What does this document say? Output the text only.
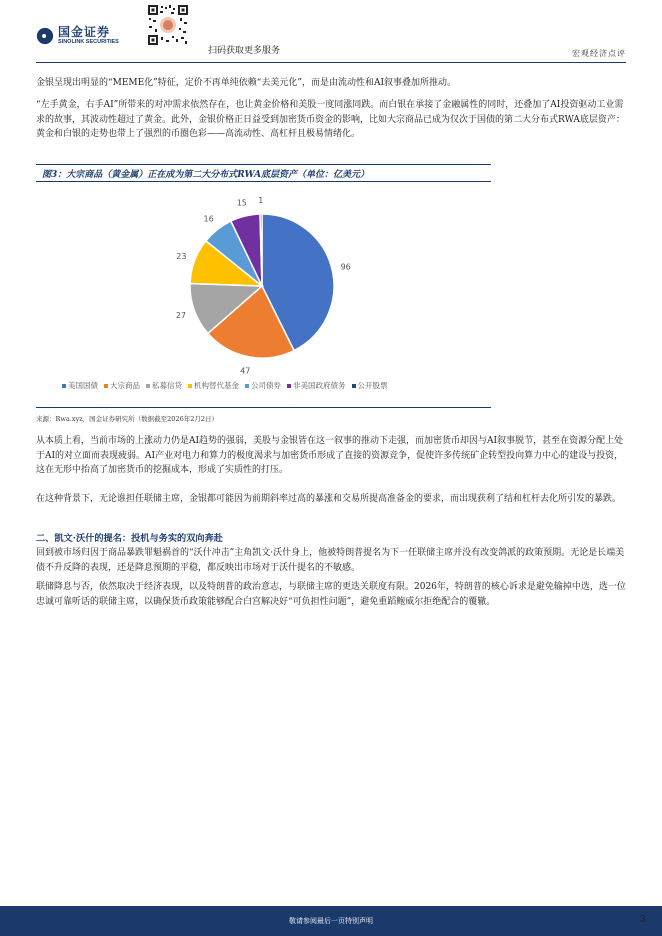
国金证券
SINOLINK SECURITIES
扫码获取更多服务	宏观经济点评

金银呈现出明显的“MEME化”特征，定价不再单纯依赖“去美元化”，而是由流动性和AI叙事叠加所推动。

“左手黄金，右手AI”所带来的对冲需求依然存在，也让黄金价格和美股一度同涨同跌。而白银在承接了金融属性的同时，还叠加了AI投资驱动工业需求的故事，其波动性超过了黄金。此外，金银价格正日益受到加密货币资金的影响，比如大宗商品已成为仅次于国债的第二大分布式RWA底层资产：黄金和白银的走势也带上了强烈的币圈色彩——高流动性、高杠杆且极易情绪化。

图3：大宗商品（黄金属）正在成为第二大分布式RWA底层资产（单位：亿美元）
96
47
27
23
16
15 1
美国国债 大宗商品 私募信贷 机构替代基金 公司债券 非美国政府债务 公开股票
来源：Rwa.xyz，国金证券研究所（数据截至2026年2月2日）

从本质上看，当前市场的上涨动力仍是AI趋势的强弱，美股与金银皆在这一叙事的推动下走强，而加密货币却因与AI叙事脱节，甚至在资源分配上处于AI的对立面而表现疲弱。AI产业对电力和算力的极度渴求与加密货币形成了直接的资源竞争，促使许多传统矿企转型投向算力中心的建设与投资，这在无形中抬高了加密货币的挖掘成本，形成了实质性的打压。

在这种背景下，无论谁担任联储主席，金银都可能因为前期斜率过高的暴涨和交易所提高准备金的要求，而出现获利了结和杠杆去化所引发的暴跌。

二、凯文·沃什的提名：投机与务实的双向奔赴

回到被市场归因于商品暴跌罪魁祸首的“沃什冲击”主角凯文·沃什身上，他被特朗普提名为下一任联储主席并没有改变鸽派的政策预期。无论是长端美债不升反降的表现，还是降息预期的平稳，都反映出市场对于沃什提名的不敏感。

联储降息与否，依然取决于经济表现，以及特朗普的政治意志，与联储主席的更迭关联度有限。2026年，特朗普的核心诉求是避免输掉中选，选一位忠诚可靠听话的联储主席，以确保货币政策能够配合白宫解决好“可负担性问题”，避免重蹈鲍威尔拒绝配合的覆辙。

敬请参阅最后一页特别声明	3
